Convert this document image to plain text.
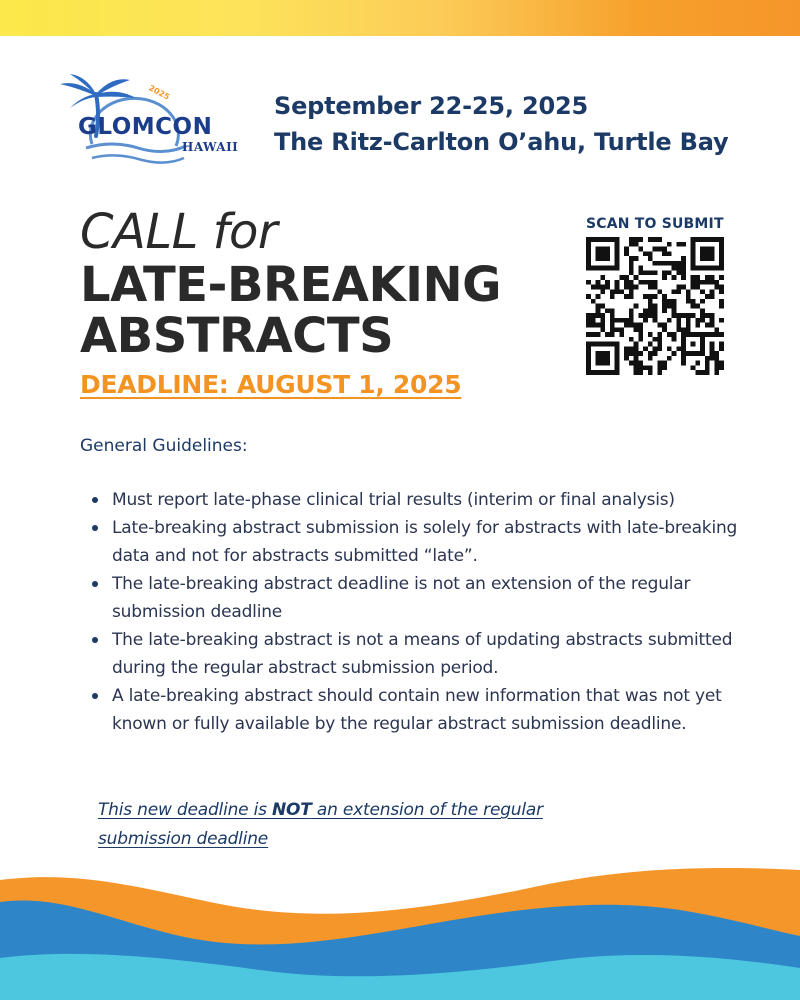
2025
GLOMCON
HAWAII
September 22-25, 2025
The Ritz-Carlton O’ahu, Turtle Bay
CALL for
LATE-BREAKING
ABSTRACTS
DEADLINE: AUGUST 1, 2025
SCAN TO SUBMIT
General Guidelines:
Must report late-phase clinical trial results (interim or final analysis)
Late-breaking abstract submission is solely for abstracts with late-breaking data and not for abstracts submitted “late”.
The late-breaking abstract deadline is not an extension of the regular submission deadline
The late-breaking abstract is not a means of updating abstracts submitted during the regular abstract submission period.
A late-breaking abstract should contain new information that was not yet known or fully available by the regular abstract submission deadline.
This new deadline is NOT an extension of the regular submission deadline
